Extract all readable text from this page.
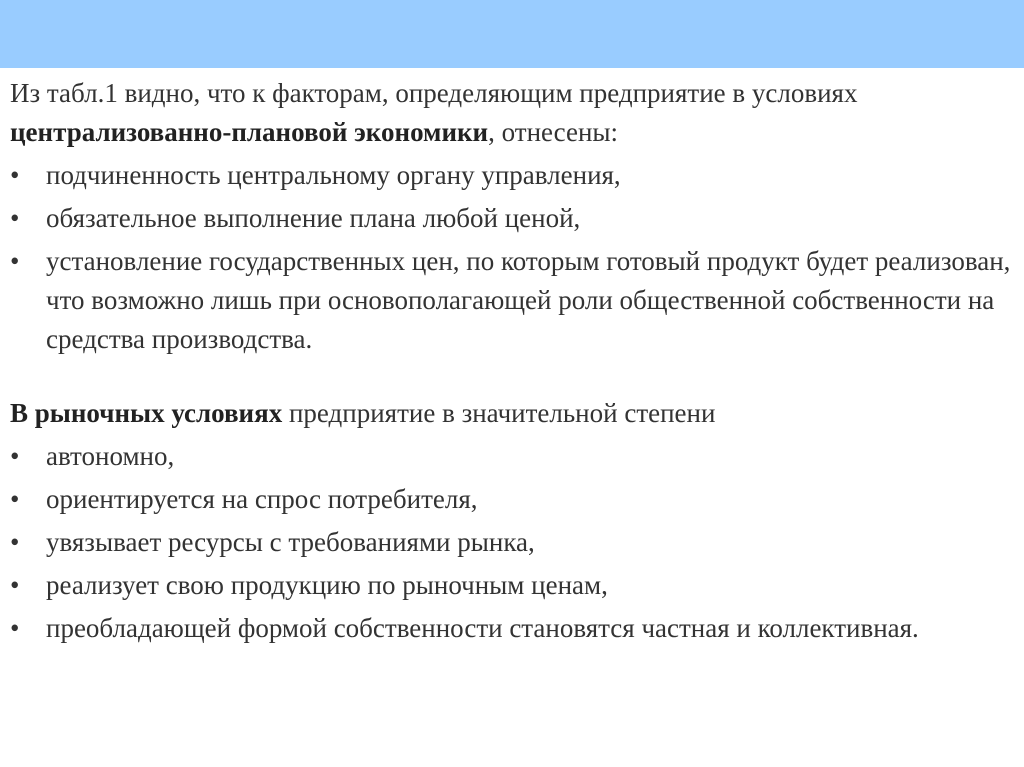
Из табл.1 видно, что к факторам, определяющим предприятие в условиях
централизованно-плановой экономики, отнесены:

• подчиненность центральному органу управления,
• обязательное выполнение плана любой ценой,
• установление государственных цен, по которым готовый продукт будет реализован, что возможно лишь при основополагающей роли общественной собственности на средства производства.

В рыночных условиях предприятие в значительной степени

• автономно,
• ориентируется на спрос потребителя,
• увязывает ресурсы с требованиями рынка,
• реализует свою продукцию по рыночным ценам,
• преобладающей формой собственности становятся частная и коллективная.
